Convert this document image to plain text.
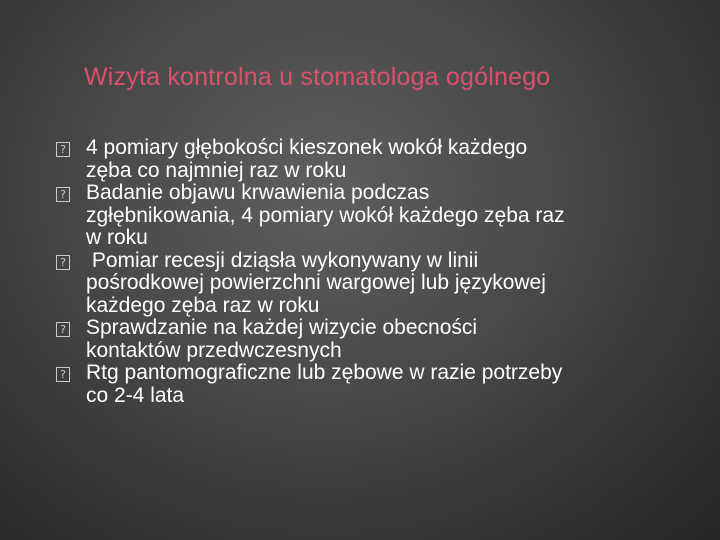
Wizyta kontrolna u stomatologa ogólnego
? 4 pomiary głębokości kieszonek wokół każdego
zęba co najmniej raz w roku
? Badanie objawu krwawienia podczas
zgłębnikowania, 4 pomiary wokół każdego zęba raz
w roku
? Pomiar recesji dziąsła wykonywany w linii
pośrodkowej powierzchni wargowej lub językowej
każdego zęba raz w roku
? Sprawdzanie na każdej wizycie obecności
kontaktów przedwczesnych
? Rtg pantomograficzne lub zębowe w razie potrzeby
co 2-4 lata
